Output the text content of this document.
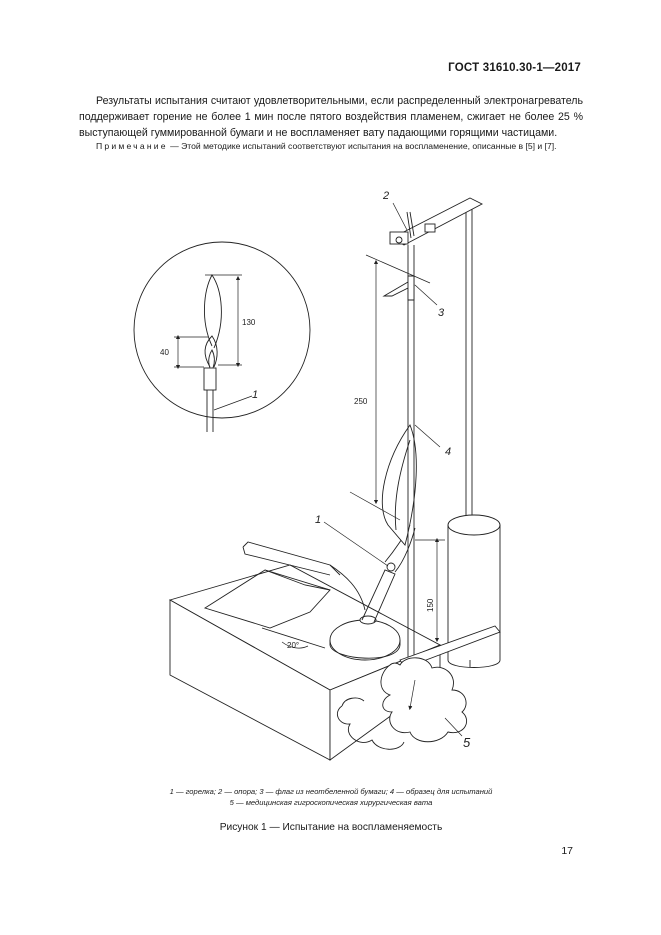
ГОСТ 31610.30-1—2017

Результаты испытания считают удовлетворительными, если распределенный электронагреватель поддерживает горение не более 1 мин после пятого воздействия пламенем, сжигает не более 25 % выступающей гуммированной бумаги и не воспламеняет вату падающими горящими частицами.

Примечание — Этой методике испытаний соответствуют испытания на воспламенение, описанные в [5] и [7].

2
3
4
1
5
1
130
40
250
150
20°
1 — горелка; 2 — опора; 3 — флаг из неотбеленной бумаги; 4 — образец для испытаний
5 — медицинская гигроскопическая хирургическая вата
Рисунок 1 — Испытание на воспламеняемость
17
